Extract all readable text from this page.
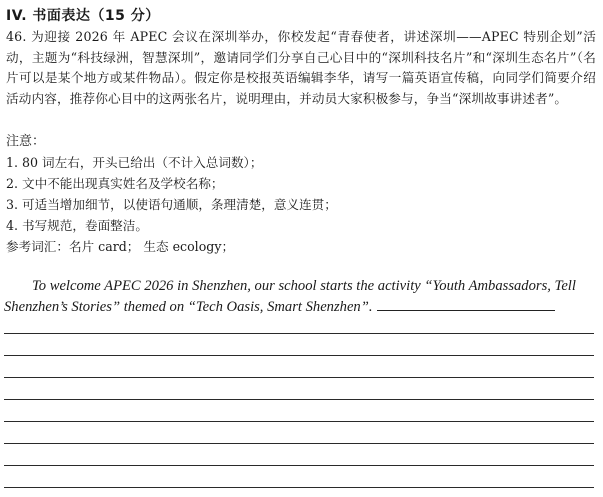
IV. 书面表达（15 分）
46. 为迎接 2026 年 APEC 会议在深圳举办，你校发起“青春使者，讲述深圳——APEC 特别企划”活动，主题为“科技绿洲，智慧深圳”，邀请同学们分享自己心目中的“深圳科技名片”和“深圳生态名片”（名片可以是某个地方或某件物品）。假定你是校报英语编辑李华，请写一篇英语宣传稿，向同学们简要介绍活动内容，推荐你心目中的这两张名片，说明理由，并动员大家积极参与，争当“深圳故事讲述者”。
注意：
1. 80 词左右，开头已给出（不计入总词数）；
2. 文中不能出现真实姓名及学校名称；
3. 可适当增加细节，以使语句通顺，条理清楚，意义连贯；
4. 书写规范，卷面整洁。
参考词汇：名片 card； 生态 ecology；
To welcome APEC 2026 in Shenzhen, our school starts the activity “Youth Ambassadors, Tell Shenzhen’s Stories” themed on “Tech Oasis, Smart Shenzhen”.
